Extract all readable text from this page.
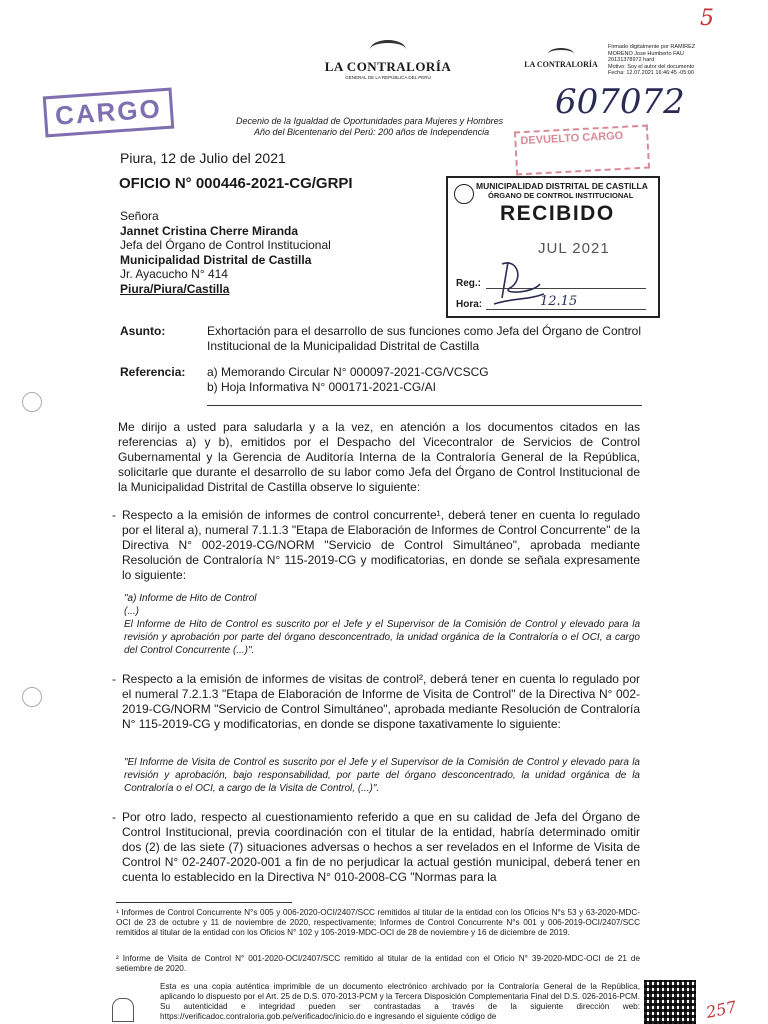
5
LA CONTRALORÍA
GENERAL DE LA REPÚBLICA DEL PERÚ
LA CONTRALORÍA
Firmado digitalmente por RAMIREZ
MORENO Jose Humberto FAU
20131378972 hard
Motivo: Soy el autor del documento
Fecha: 12.07.2021 16:46:45 -05:00
CARGO	607072
Decenio de la Igualdad de Oportunidades para Mujeres y Hombres
Año del Bicentenario del Perú: 200 años de Independencia	DEVUELTO CARGO
Piura, 12 de Julio del 2021
OFICIO N° 000446-2021-CG/GRPI	MUNICIPALIDAD DISTRITAL DE CASTILLA
ÓRGANO DE CONTROL INSTITUCIONAL
RECIBIDO
JUL 2021
Reg.:
Hora:	12.15
Señora
Jannet Cristina Cherre Miranda
Jefa del Órgano de Control Institucional
Municipalidad Distrital de Castilla
Jr. Ayacucho N° 414
Piura/Piura/Castilla
Asunto:	Exhortación para el desarrollo de sus funciones como Jefa del Órgano de Control Institucional de la Municipalidad Distrital de Castilla
Referencia: a) Memorando Circular N° 000097-2021-CG/VCSCG
b) Hoja Informativa N° 000171-2021-CG/AI
Me dirijo a usted para saludarla y a la vez, en atención a los documentos citados en las referencias a) y b), emitidos por el Despacho del Vicecontralor de Servicios de Control Gubernamental y la Gerencia de Auditoría Interna de la Contraloría General de la República, solicitarle que durante el desarrollo de su labor como Jefa del Órgano de Control Institucional de la Municipalidad Distrital de Castilla observe lo siguiente:
- Respecto a la emisión de informes de control concurrente¹, deberá tener en cuenta lo regulado por el literal a), numeral 7.1.1.3 "Etapa de Elaboración de Informes de Control Concurrente" de la Directiva N° 002-2019-CG/NORM "Servicio de Control Simultáneo", aprobada mediante Resolución de Contraloría N° 115-2019-CG y modificatorias, en donde se señala expresamente lo siguiente:
"a) Informe de Hito de Control
(...)
El Informe de Hito de Control es suscrito por el Jefe y el Supervisor de la Comisión de Control y elevado para la revisión y aprobación por parte del órgano desconcentrado, la unidad orgánica de la Contraloría o el OCI, a cargo del Control Concurrente (...)".
- Respecto a la emisión de informes de visitas de control², deberá tener en cuenta lo regulado por el numeral 7.2.1.3 "Etapa de Elaboración de Informe de Visita de Control" de la Directiva N° 002-2019-CG/NORM "Servicio de Control Simultáneo", aprobada mediante Resolución de Contraloría N° 115-2019-CG y modificatorias, en donde se dispone taxativamente lo siguiente:
"El Informe de Visita de Control es suscrito por el Jefe y el Supervisor de la Comisión de Control y elevado para la revisión y aprobación, bajo responsabilidad, por parte del órgano desconcentrado, la unidad orgánica de la Contraloría o el OCI, a cargo de la Visita de Control, (...)".
- Por otro lado, respecto al cuestionamiento referido a que en su calidad de Jefa del Órgano de Control Institucional, previa coordinación con el titular de la entidad, habría determinado omitir dos (2) de las siete (7) situaciones adversas o hechos a ser revelados en el Informe de Visita de Control N° 02-2407-2020-001 a fin de no perjudicar la actual gestión municipal, deberá tener en cuenta lo establecido en la Directiva N° 010-2008-CG "Normas para la
¹ Informes de Control Concurrente N°s 005 y 006-2020-OCI/2407/SCC remitidos al titular de la entidad con los Oficios N°s 53 y 63-2020-MDC-OCI de 23 de octubre y 11 de noviembre de 2020, respectivamente; Informes de Control Concurrente N°s 001 y 006-2019-OCI/2407/SCC remitidos al titular de la entidad con los Oficios N° 102 y 105-2019-MDC-OCI de 28 de noviembre y 16 de diciembre de 2019.
² Informe de Visita de Control N° 001-2020-OCI/2407/SCC remitido al titular de la entidad con el Oficio N° 39-2020-MDC-OCI de 21 de setiembre de 2020.
Esta es una copia auténtica imprimible de un documento electrónico archivado por la Contraloría General de la República, aplicando lo dispuesto por el Art. 25 de D.S. 070-2013-PCM y la Tercera Disposición Complementaria Final del D.S. 026-2016-PCM. Su autenticidad e integridad pueden ser contrastadas a través de la siguiente dirección web: https://verificadoc.contraloria.gob.pe/verificadoc/inicio.do e ingresando el siguiente código de	257
